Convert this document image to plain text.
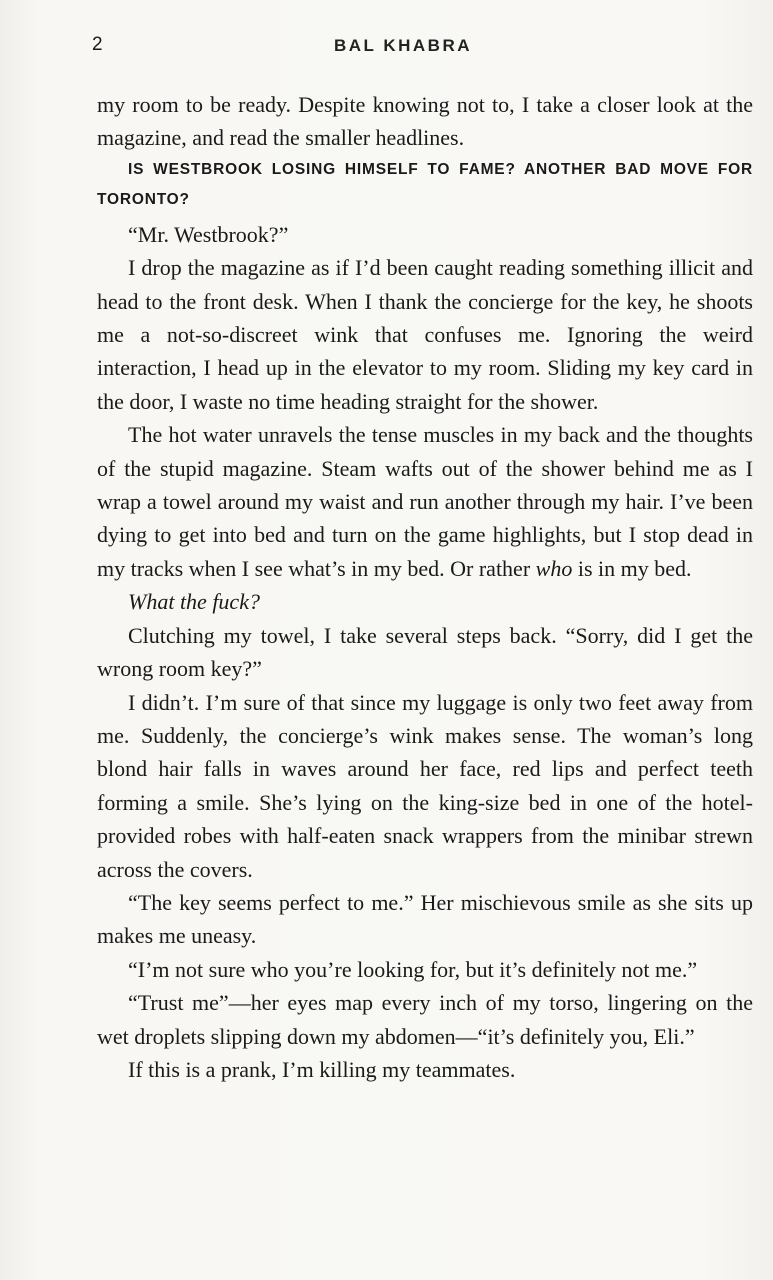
2	BAL KHABRA

my room to be ready. Despite knowing not to, I take a closer look at the magazine, and read the smaller headlines.

IS WESTBROOK LOSING HIMSELF TO FAME? ANOTHER BAD MOVE FOR TORONTO?

“Mr. Westbrook?”

I drop the magazine as if I’d been caught reading something illicit and head to the front desk. When I thank the concierge for the key, he shoots me a not-so-discreet wink that confuses me. Ignoring the weird interaction, I head up in the elevator to my room. Sliding my key card in the door, I waste no time heading straight for the shower.

The hot water unravels the tense muscles in my back and the thoughts of the stupid magazine. Steam wafts out of the shower behind me as I wrap a towel around my waist and run another through my hair. I’ve been dying to get into bed and turn on the game highlights, but I stop dead in my tracks when I see what’s in my bed. Or rather who is in my bed.

What the fuck?

Clutching my towel, I take several steps back. “Sorry, did I get the wrong room key?”

I didn’t. I’m sure of that since my luggage is only two feet away from me. Suddenly, the concierge’s wink makes sense. The woman’s long blond hair falls in waves around her face, red lips and perfect teeth forming a smile. She’s lying on the king-size bed in one of the hotel-provided robes with half-eaten snack wrappers from the minibar strewn across the covers.

“The key seems perfect to me.” Her mischievous smile as she sits up makes me uneasy.

“I’m not sure who you’re looking for, but it’s definitely not me.”

“Trust me”—her eyes map every inch of my torso, lingering on the wet droplets slipping down my abdomen—“it’s definitely you, Eli.”

If this is a prank, I’m killing my teammates.
